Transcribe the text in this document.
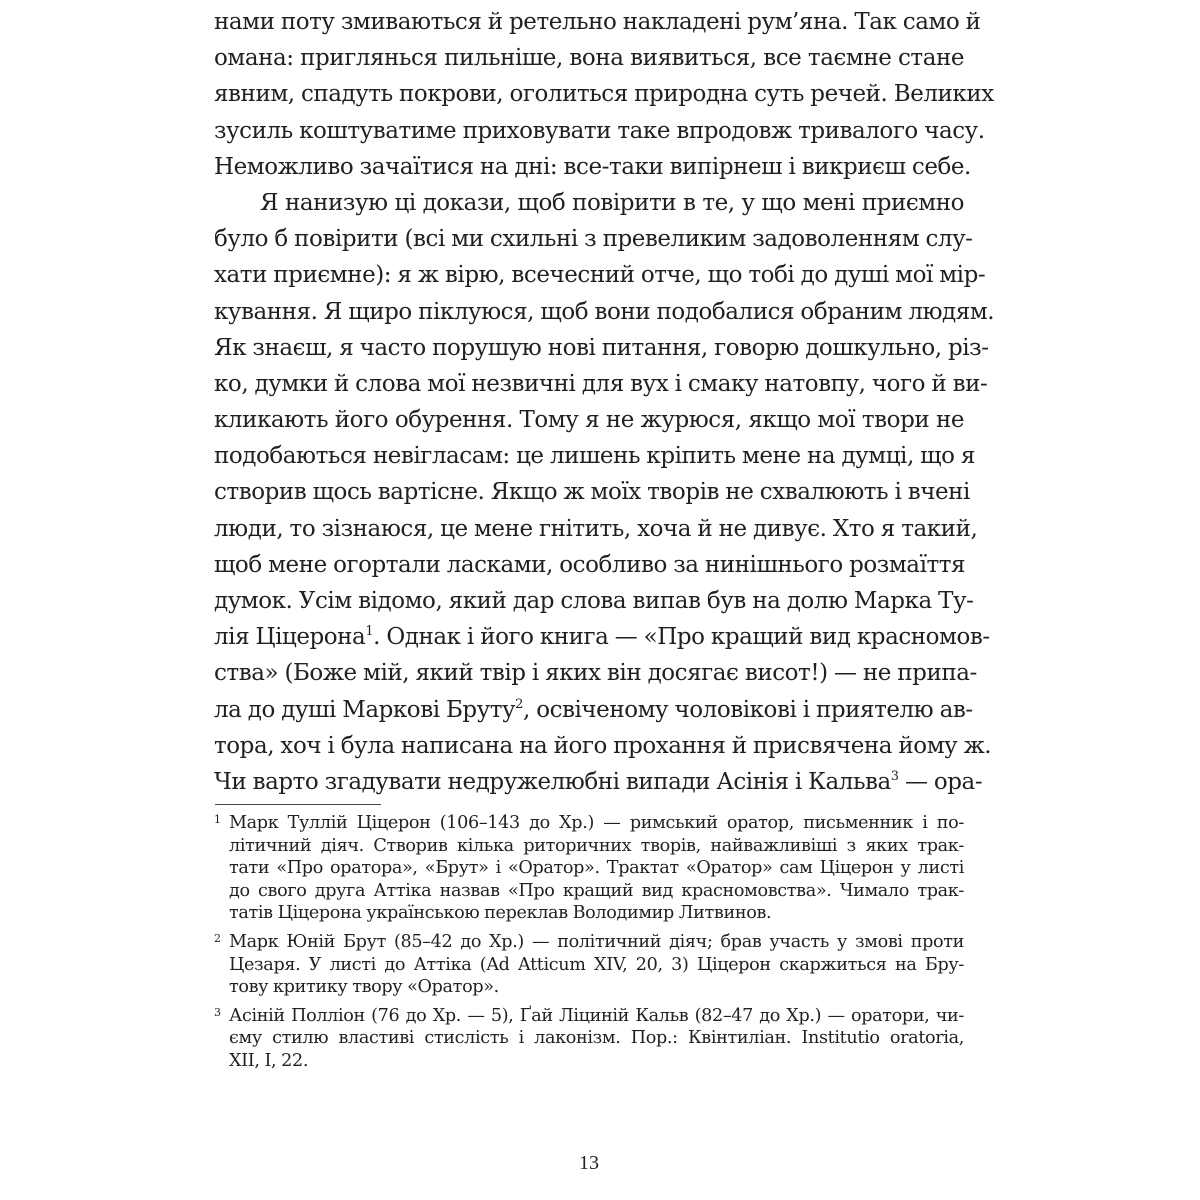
нами поту змиваються й ретельно накладені рум’яна. Так само й
омана: приглянься пильніше, вона виявиться, все таємне стане
явним, спадуть покрови, оголиться природна суть речей. Великих
зусиль коштуватиме приховувати таке впродовж тривалого часу.
Неможливо зачаїтися на дні: все-таки випірнеш і викриєш себе.
Я нанизую ці докази, щоб повірити в те, у що мені приємно
було б повірити (всі ми схильні з превеликим задоволенням слу-
хати приємне): я ж вірю, всечесний отче, що тобі до душі мої мір-
кування. Я щиро піклуюся, щоб вони подобалися обраним людям.
Як знаєш, я часто порушую нові питання, говорю дошкульно, різ-
ко, думки й слова мої незвичні для вух і смаку натовпу, чого й ви-
кликають його обурення. Тому я не журюся, якщо мої твори не
подобаються невігласам: це лишень кріпить мене на думці, що я
створив щось вартісне. Якщо ж моїх творів не схвалюють і вчені
люди, то зізнаюся, це мене гнітить, хоча й не дивує. Хто я такий,
щоб мене огортали ласками, особливо за нинішнього розмаїття
думок. Усім відомо, який дар слова випав був на долю Марка Ту-
лія Ціцерона$^1$. Однак і його книга — «Про кращий вид красномов-
ства» (Боже мій, який твір і яких він досягає висот!) — не припа-
ла до душі Маркові Бруту$^2$, освіченому чоловікові і приятелю ав-
тора, хоч і була написана на його прохання й присвячена йому ж.
Чи варто згадувати недружелюбні випади Асінія і Кальва$^3$ — ора-
1 Марк Туллій Ціцерон (106–143 до Хр.) — римський оратор, письменник і по-
літичний діяч. Створив кілька риторичних творів, найважливіші з яких трак-
тати «Про оратора», «Брут» і «Оратор». Трактат «Оратор» сам Ціцерон у листі
до свого друга Аттіка назвав «Про кращий вид красномовства». Чимало трак-
татів Ціцерона українською переклав Володимир Литвинов.
2 Марк Юній Брут (85–42 до Хр.) — політичний діяч; брав участь у змові проти
Цезаря. У листі до Аттіка (Ad Atticum XIV, 20, 3) Ціцерон скаржиться на Бру-
тову критику твору «Оратор».
3 Асіній Полліон (76 до Хр. — 5), Ґай Ліциній Кальв (82–47 до Хр.) — оратори, чи-
єму стилю властиві стислість і лаконізм. Пор.: Квінтиліан. Institutio oratoria,
XII, I, 22.
13
